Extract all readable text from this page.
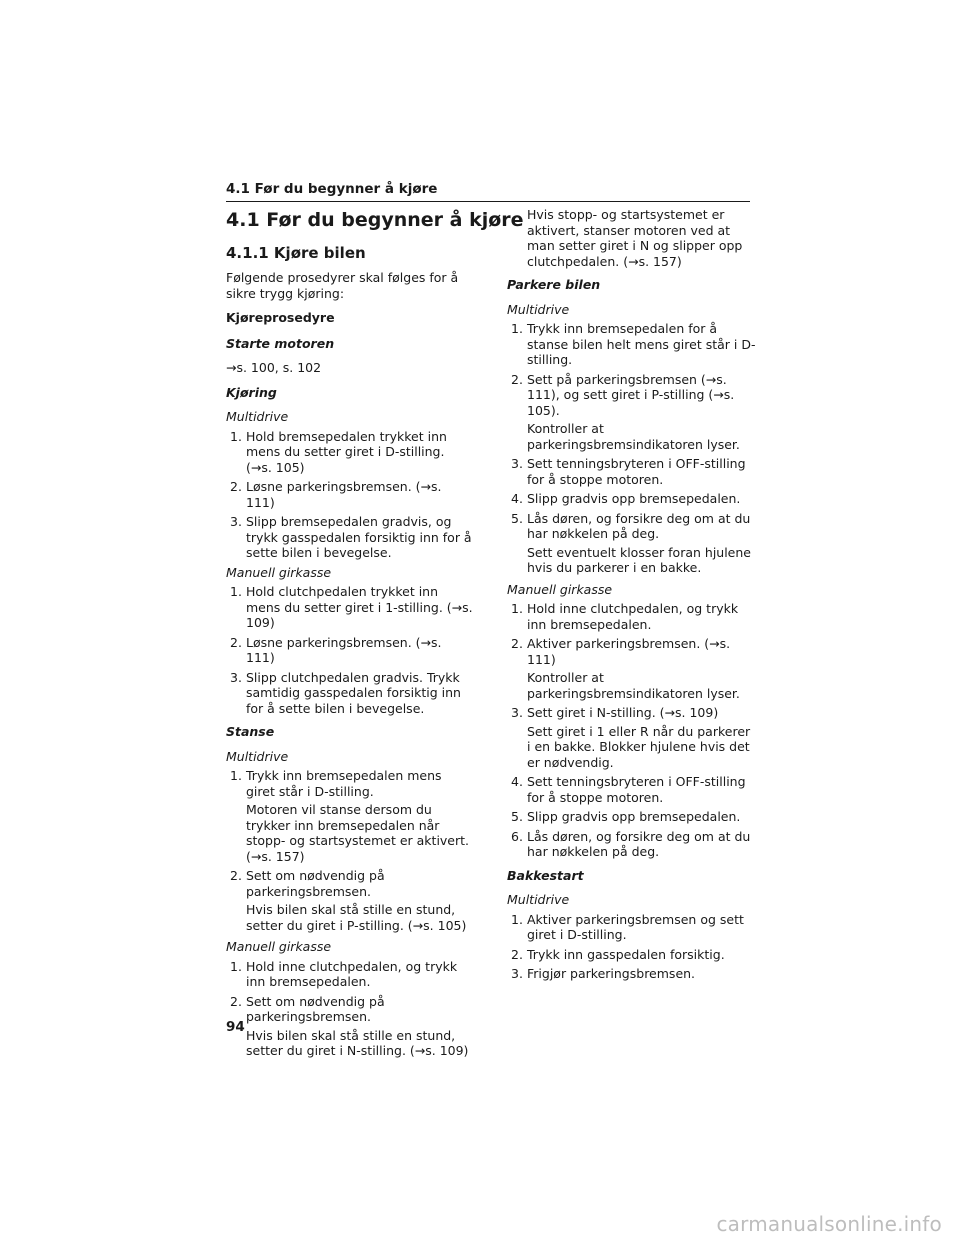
4.1 Før du begynner å kjøre
4.1 Før du begynner å kjøre
4.1.1 Kjøre bilen
Følgende prosedyrer skal følges for å sikre trygg kjøring:
Kjøreprosedyre
Starte motoren
→s. 100, s. 102
Kjøring
Multidrive
1. Hold bremsepedalen trykket inn mens du setter giret i D-stilling. (→s. 105)
2. Løsne parkeringsbremsen. (→s. 111)
3. Slipp bremsepedalen gradvis, og trykk gasspedalen forsiktig inn for å sette bilen i bevegelse.
Manuell girkasse
1. Hold clutchpedalen trykket inn mens du setter giret i 1-stilling. (→s. 109)
2. Løsne parkeringsbremsen. (→s. 111)
3. Slipp clutchpedalen gradvis. Trykk samtidig gasspedalen forsiktig inn for å sette bilen i bevegelse.
Stanse
Multidrive
1. Trykk inn bremsepedalen mens giret står i D-stilling.
Motoren vil stanse dersom du trykker inn bremsepedalen når stopp- og startsystemet er aktivert. (→s. 157)
2. Sett om nødvendig på parkeringsbremsen.
Hvis bilen skal stå stille en stund, setter du giret i P-stilling. (→s. 105)
Manuell girkasse
1. Hold inne clutchpedalen, og trykk inn bremsepedalen.
2. Sett om nødvendig på parkeringsbremsen.
Hvis bilen skal stå stille en stund, setter du giret i N-stilling. (→s. 109)
Hvis stopp- og startsystemet er aktivert, stanser motoren ved at man setter giret i N og slipper opp clutchpedalen. (→s. 157)
Parkere bilen
Multidrive
1. Trykk inn bremsepedalen for å stanse bilen helt mens giret står i D-stilling.
2. Sett på parkeringsbremsen (→s. 111), og sett giret i P-stilling (→s. 105).
Kontroller at parkeringsbremsindikatoren lyser.
3. Sett tenningsbryteren i OFF-stilling for å stoppe motoren.
4. Slipp gradvis opp bremsepedalen.
5. Lås døren, og forsikre deg om at du har nøkkelen på deg.
Sett eventuelt klosser foran hjulene hvis du parkerer i en bakke.
Manuell girkasse
1. Hold inne clutchpedalen, og trykk inn bremsepedalen.
2. Aktiver parkeringsbremsen. (→s. 111)
Kontroller at parkeringsbremsindikatoren lyser.
3. Sett giret i N-stilling. (→s. 109)
Sett giret i 1 eller R når du parkerer i en bakke. Blokker hjulene hvis det er nødvendig.
4. Sett tenningsbryteren i OFF-stilling for å stoppe motoren.
5. Slipp gradvis opp bremsepedalen.
6. Lås døren, og forsikre deg om at du har nøkkelen på deg.
Bakkestart
Multidrive
1. Aktiver parkeringsbremsen og sett giret i D-stilling.
2. Trykk inn gasspedalen forsiktig.
3. Frigjør parkeringsbremsen.
94
carmanualsonline.info
